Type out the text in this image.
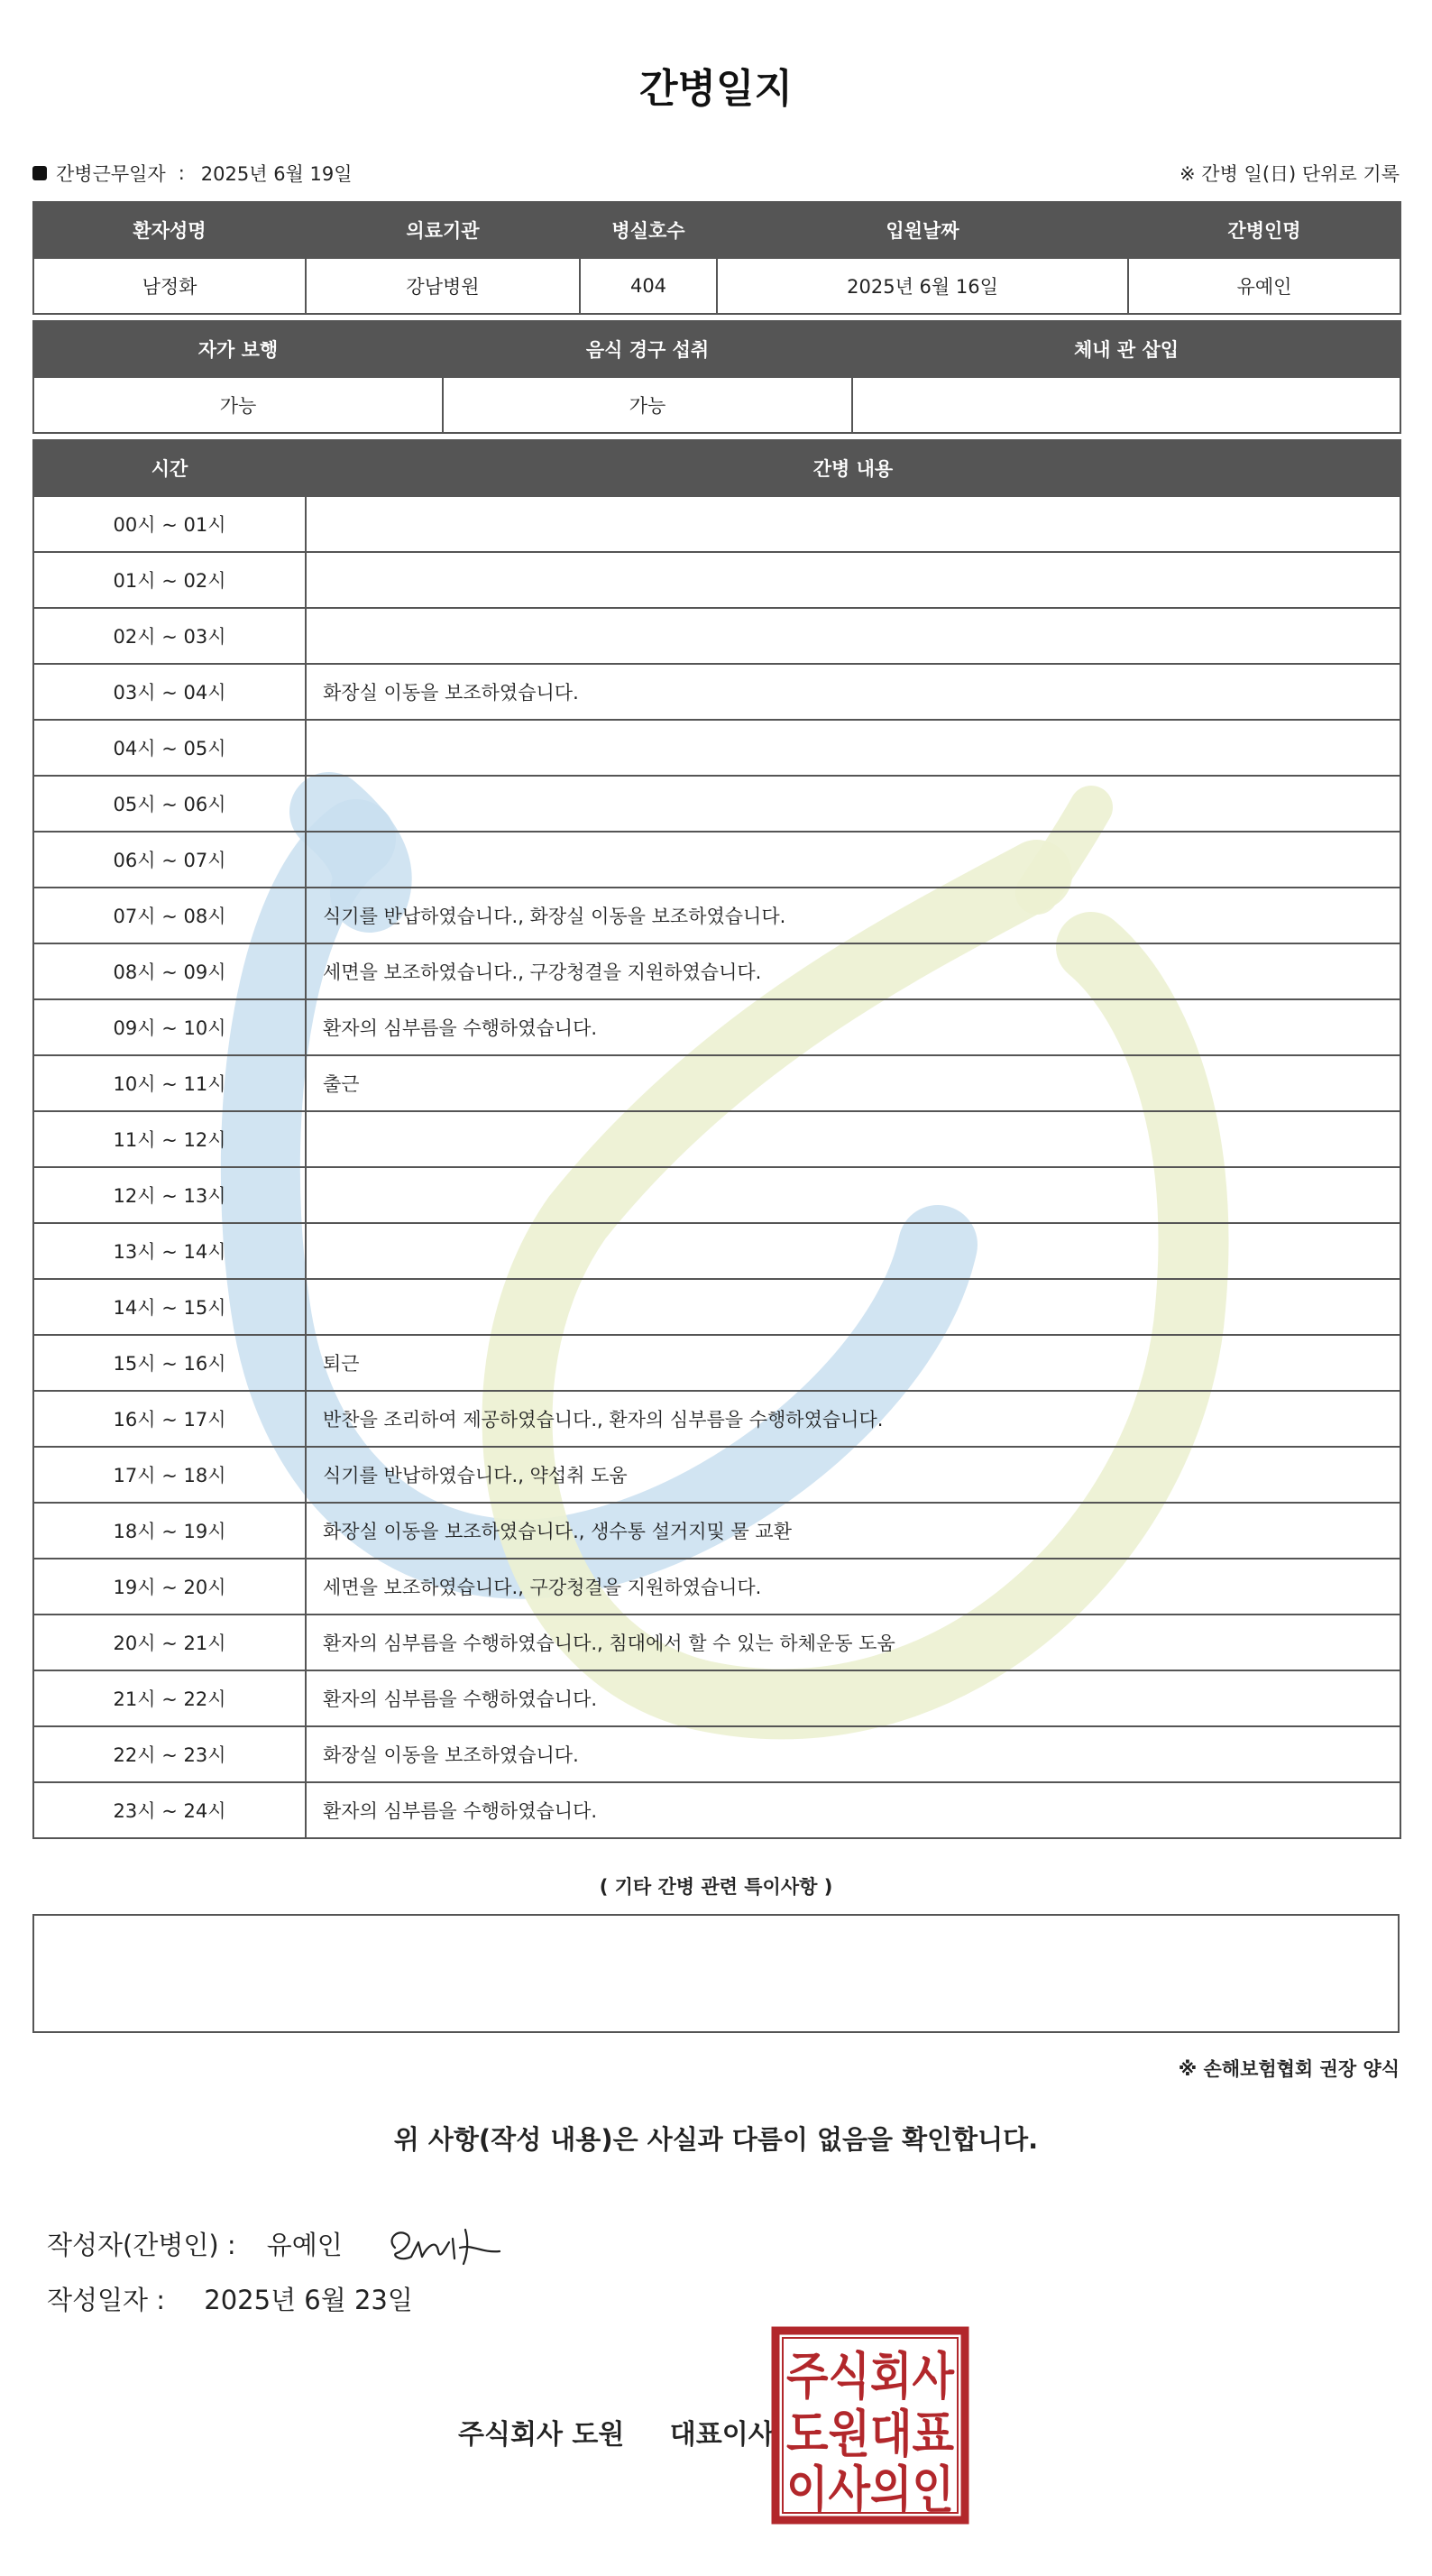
간병일지
간병근무일자 : 2025년 6월 19일	※ 간병 일(日) 단위로 기록
환자성명	의료기관	병실호수	입원날짜	간병인명
남정화	강남병원	404	2025년 6월 16일	유예인
자가 보행	음식 경구 섭취	체내 관 삽입
가능	가능	
시간	간병 내용
00시 ~ 01시	
01시 ~ 02시	
02시 ~ 03시	
03시 ~ 04시	화장실 이동을 보조하였습니다.
04시 ~ 05시	
05시 ~ 06시	
06시 ~ 07시	
07시 ~ 08시	식기를 반납하였습니다., 화장실 이동을 보조하였습니다.
08시 ~ 09시	세면을 보조하였습니다., 구강청결을 지원하였습니다.
09시 ~ 10시	환자의 심부름을 수행하였습니다.
10시 ~ 11시	출근
11시 ~ 12시	
12시 ~ 13시	
13시 ~ 14시	
14시 ~ 15시	
15시 ~ 16시	퇴근
16시 ~ 17시	반찬을 조리하여 제공하였습니다., 환자의 심부름을 수행하였습니다.
17시 ~ 18시	식기를 반납하였습니다., 약섭취 도움
18시 ~ 19시	화장실 이동을 보조하였습니다., 생수통 설거지및 물 교환
19시 ~ 20시	세면을 보조하였습니다., 구강청결을 지원하였습니다.
20시 ~ 21시	환자의 심부름을 수행하였습니다., 침대에서 할 수 있는 하체운동 도움
21시 ~ 22시	환자의 심부름을 수행하였습니다.
22시 ~ 23시	화장실 이동을 보조하였습니다.
23시 ~ 24시	환자의 심부름을 수행하였습니다.
( 기타 간병 관련 특이사항 )
※ 손해보험협회 권장 양식
위 사항(작성 내용)은 사실과 다름이 없음을 확인합니다.
작성자(간병인) : 유예인
작성일자 : 2025년 6월 23일
주식회사 도원 대표이사
주식회사
도원대표
이사의인
